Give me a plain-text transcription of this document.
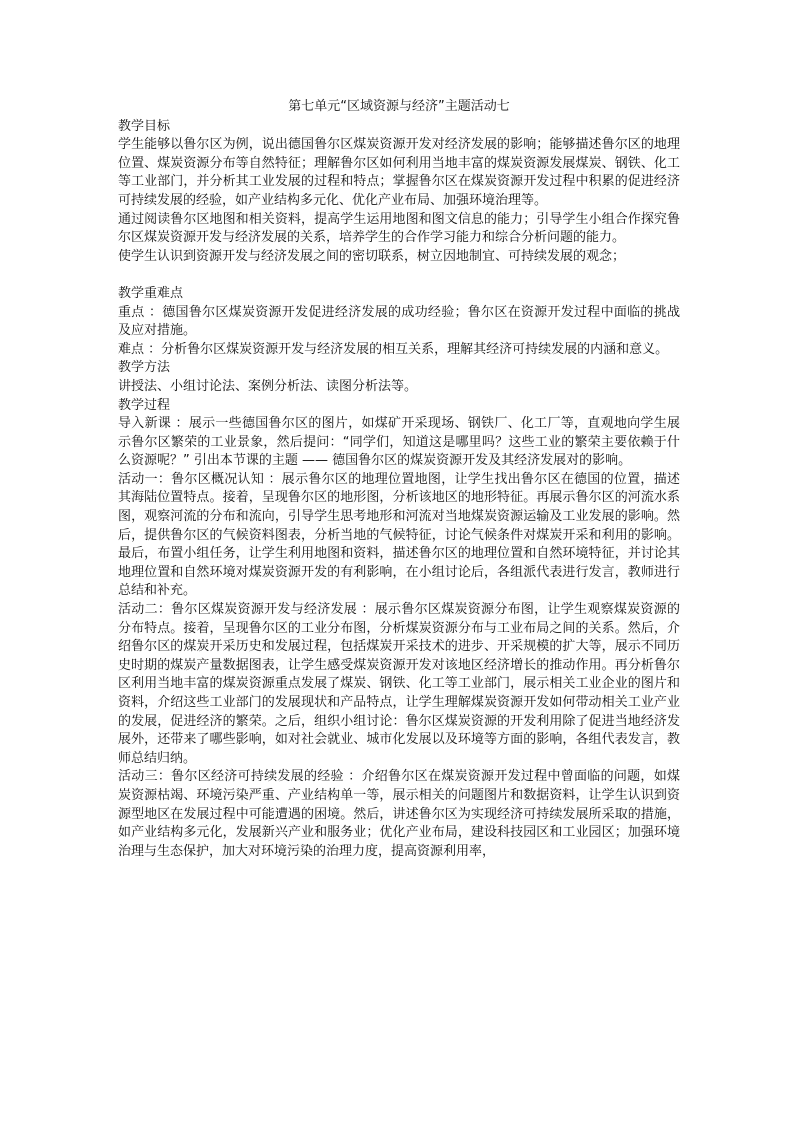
第七单元“区域资源与经济”主题活动七

教学目标

学生能够以鲁尔区为例，说出德国鲁尔区煤炭资源开发对经济发展的影响；能够描述鲁尔区的地理位置、煤炭资源分布等自然特征；理解鲁尔区如何利用当地丰富的煤炭资源发展煤炭、钢铁、化工等工业部门，并分析其工业发展的过程和特点；掌握鲁尔区在煤炭资源开发过程中积累的促进经济可持续发展的经验，如产业结构多元化、优化产业布局、加强环境治理等。

通过阅读鲁尔区地图和相关资料，提高学生运用地图和图文信息的能力；引导学生小组合作探究鲁尔区煤炭资源开发与经济发展的关系，培养学生的合作学习能力和综合分析问题的能力。

使学生认识到资源开发与经济发展之间的密切联系，树立因地制宜、可持续发展的观念；

教学重难点

重点 ：德国鲁尔区煤炭资源开发促进经济发展的成功经验；鲁尔区在资源开发过程中面临的挑战及应对措施。

难点 ：分析鲁尔区煤炭资源开发与经济发展的相互关系，理解其经济可持续发展的内涵和意义。

教学方法

讲授法、小组讨论法、案例分析法、读图分析法等。

教学过程

导入新课 ：展示一些德国鲁尔区的图片，如煤矿开采现场、钢铁厂、化工厂等，直观地向学生展示鲁尔区繁荣的工业景象，然后提问：“同学们，知道这是哪里吗？这些工业的繁荣主要依赖于什么资源呢？” 引出本节课的主题 —— 德国鲁尔区的煤炭资源开发及其经济发展对的影响。

活动一：鲁尔区概况认知 ：展示鲁尔区的地理位置地图，让学生找出鲁尔区在德国的位置，描述其海陆位置特点。接着，呈现鲁尔区的地形图，分析该地区的地形特征。再展示鲁尔区的河流水系图，观察河流的分布和流向，引导学生思考地形和河流对当地煤炭资源运输及工业发展的影响。然后，提供鲁尔区的气候资料图表，分析当地的气候特征，讨论气候条件对煤炭开采和利用的影响。最后，布置小组任务，让学生利用地图和资料，描述鲁尔区的地理位置和自然环境特征，并讨论其地理位置和自然环境对煤炭资源开发的有利影响，在小组讨论后，各组派代表进行发言，教师进行总结和补充。

活动二：鲁尔区煤炭资源开发与经济发展 ：展示鲁尔区煤炭资源分布图，让学生观察煤炭资源的分布特点。接着，呈现鲁尔区的工业分布图，分析煤炭资源分布与工业布局之间的关系。然后，介绍鲁尔区的煤炭开采历史和发展过程，包括煤炭开采技术的进步、开采规模的扩大等，展示不同历史时期的煤炭产量数据图表，让学生感受煤炭资源开发对该地区经济增长的推动作用。再分析鲁尔区利用当地丰富的煤炭资源重点发展了煤炭、钢铁、化工等工业部门，展示相关工业企业的图片和资料，介绍这些工业部门的发展现状和产品特点，让学生理解煤炭资源开发如何带动相关工业产业的发展，促进经济的繁荣。之后，组织小组讨论：鲁尔区煤炭资源的开发利用除了促进当地经济发展外，还带来了哪些影响，如对社会就业、城市化发展以及环境等方面的影响，各组代表发言，教师总结归纳。

活动三：鲁尔区经济可持续发展的经验 ：介绍鲁尔区在煤炭资源开发过程中曾面临的问题，如煤炭资源枯竭、环境污染严重、产业结构单一等，展示相关的问题图片和数据资料，让学生认识到资源型地区在发展过程中可能遭遇的困境。然后，讲述鲁尔区为实现经济可持续发展所采取的措施，如产业结构多元化，发展新兴产业和服务业；优化产业布局，建设科技园区和工业园区；加强环境治理与生态保护，加大对环境污染的治理力度，提高资源利用率，
